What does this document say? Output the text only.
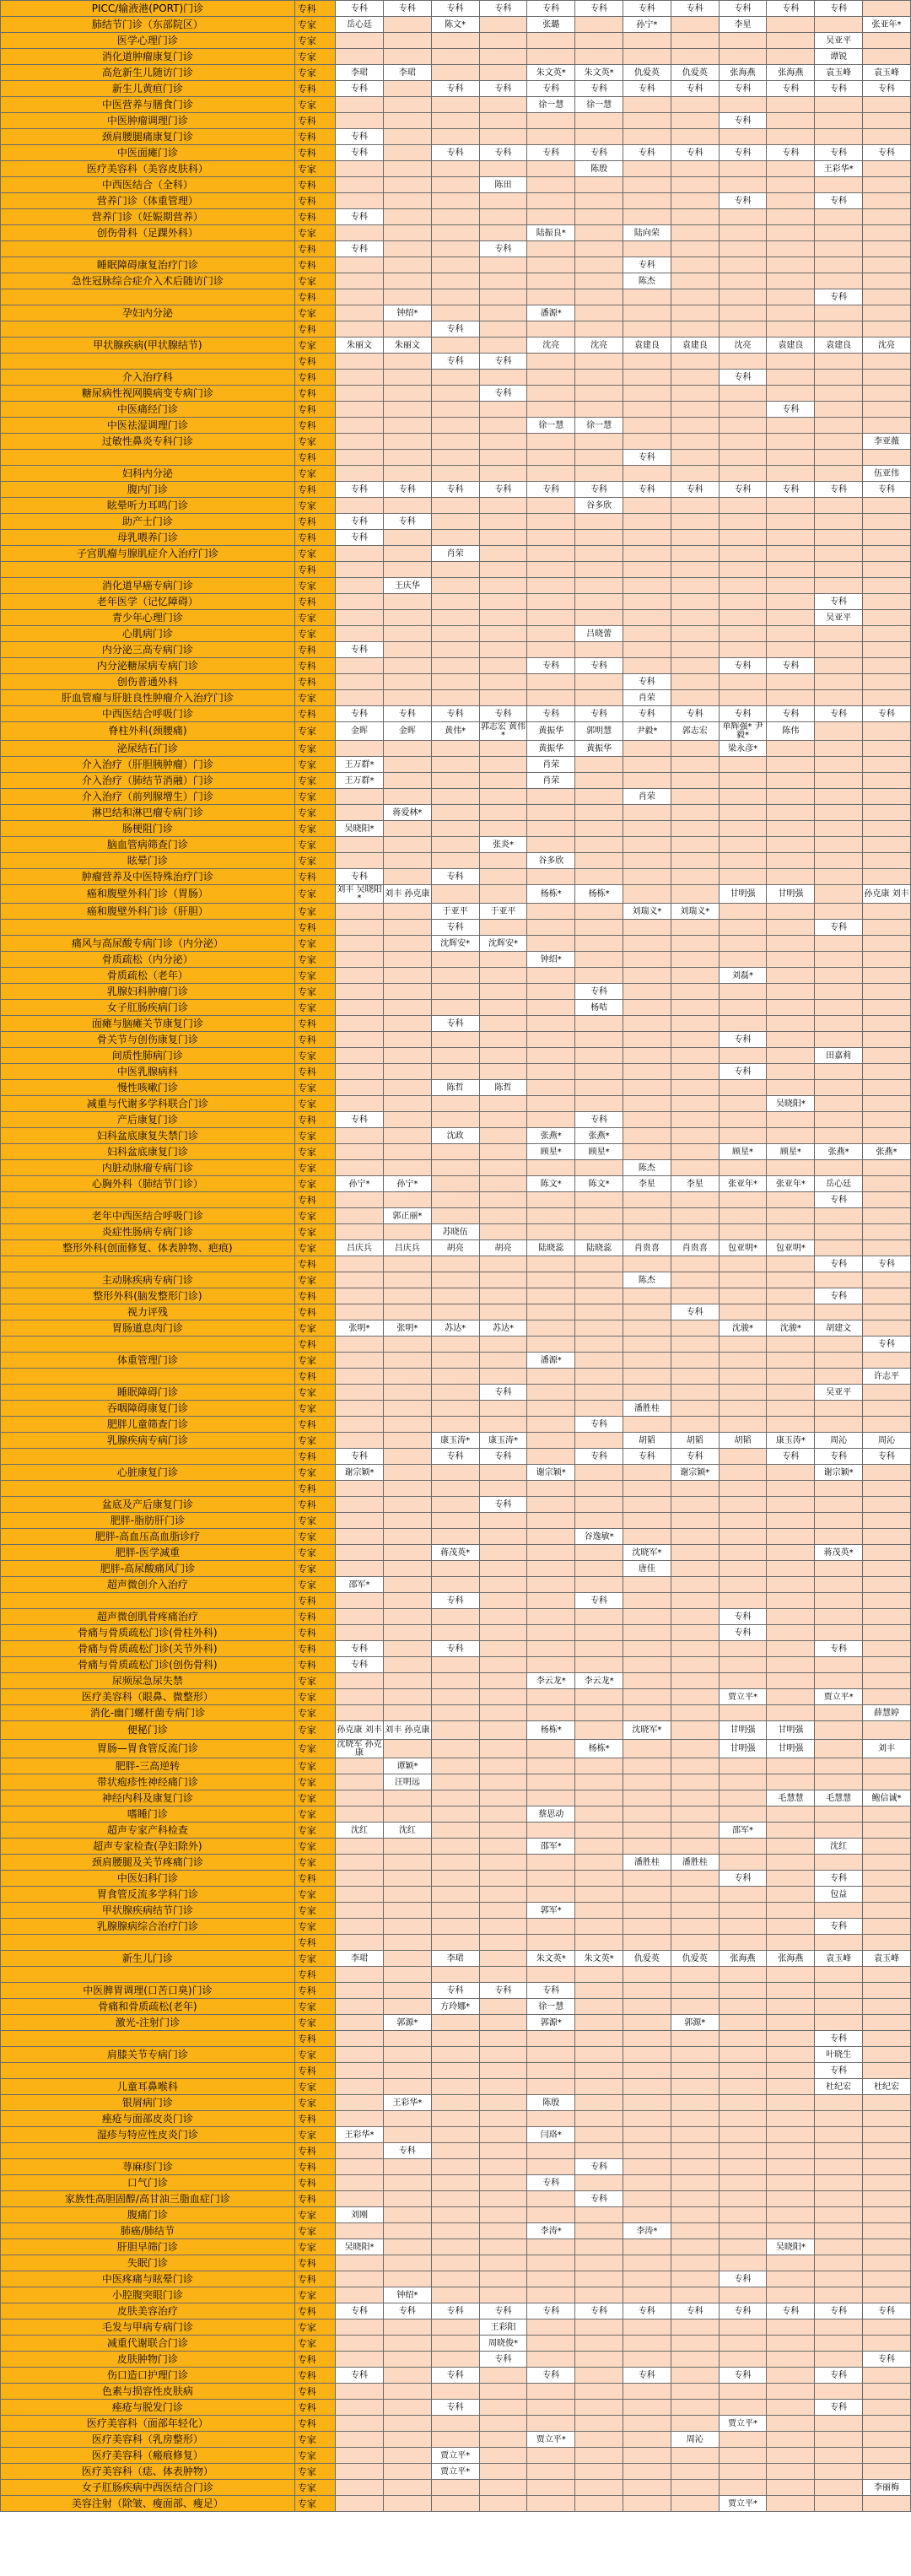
PICC/输液港(PORT)门诊	专科	专科	专科	专科	专科	专科	专科	专科	专科	专科	专科	专科	
肺结节门诊（东部院区）	专家	岳心廷		陈文*		张璐		孙宁*		李星			张亚年*
医学心理门诊	专家											吴亚平	
消化道肿瘤康复门诊	专家											谭锐	
高危新生儿随访门诊	专家	李珺	李珺			朱文英*	朱文英*	仇爱英	仇爱英	张海燕	张海燕	袁玉峰	袁玉峰
新生儿黄疸门诊	专科	专科		专科	专科	专科	专科	专科	专科	专科	专科	专科	专科
中医营养与膳食门诊	专家					徐一慧	徐一慧						
中医肿瘤调理门诊	专科									专科			
颈肩腰腿痛康复门诊	专科	专科											
中医面瘫门诊	专科	专科		专科	专科	专科	专科	专科	专科	专科	专科	专科	专科
医疗美容科（美容皮肤科）	专家						陈殷					王彩华*	
中西医结合（全科）	专科				陈田								
营养门诊（体重管理）	专科									专科		专科	
营养门诊（妊娠期营养）	专科	专科											
创伤骨科（足踝外科）	专家					陆振良*		陆向荣					
	专科	专科			专科								
睡眠障碍康复治疗门诊	专科							专科					
急性冠脉综合症介入术后随访门诊	专家							陈杰					
	专科											专科	
孕妇内分泌	专家		钟绍*			潘源*							
	专科			专科									
甲状腺疾病(甲状腺结节)	专家	朱丽文	朱丽文			沈亮	沈亮	袁建良	袁建良	沈亮	袁建良	袁建良	沈亮
	专科			专科	专科								
介入治疗科	专科									专科			
糖尿病性视网膜病变专病门诊	专科				专科								
中医痛经门诊	专科										专科		
中医祛湿调理门诊	专科					徐一慧	徐一慧						
过敏性鼻炎专科门诊	专家												李亚薇
	专科							专科					
妇科内分泌	专家												伍亚伟
腹内门诊	专科	专科	专科	专科	专科	专科	专科	专科	专科	专科	专科	专科	专科
眩晕听力耳鸣门诊	专家						谷多欣						
助产士门诊	专科	专科	专科										
母乳喂养门诊	专科	专科											
子宫肌瘤与腺肌症介入治疗门诊	专家			肖荣									
	专科												
消化道早癌专病门诊	专家		王庆华										
老年医学（记忆障碍）	专科											专科	
青少年心理门诊	专家											吴亚平	
心肌病门诊	专家						吕晓蕾						
内分泌三高专病门诊	专科	专科											
内分泌糖尿病专病门诊	专科					专科	专科			专科	专科		
创伤普通外科	专科							专科					
肝血管瘤与肝脏良性肿瘤介入治疗门诊	专家							肖荣					
中西医结合呼吸门诊	专科	专科	专科	专科	专科	专科	专科	专科	专科	专科	专科	专科	专科
脊柱外科(颈腰痛)	专家	金晖	金晖	黄伟*	郭志宏 黄伟*	黄振华	郭明慧	尹毅*	郭志宏	单辉强* 尹毅*	陈伟		
泌尿结石门诊	专家					黄振华	黄振华			梁永彦*			
介入治疗（肝胆胰肿瘤）门诊	专家	王万群*				肖荣							
介入治疗（肺结节消融）门诊	专家	王万群*				肖荣							
介入治疗（前列腺增生）门诊	专家							肖荣					
淋巴结和淋巴瘤专病门诊	专家		蒋爱林*										
肠梗阻门诊	专家	吴晓阳*											
脑血管病筛查门诊	专家				张炎*								
眩晕门诊	专家					谷多欣							
肿瘤营养及中医特殊治疗门诊	专科	专科		专科									
癌和腹壁外科门诊（胃肠）	专家	刘丰 吴晓阳*	刘丰 孙克康			杨栋*	杨栋*			甘明强	甘明强		孙克康 刘丰
癌和腹壁外科门诊（肝胆）	专家			于亚平	于亚平			刘瑞义*	刘瑞义*				
	专科			专科								专科	
痛风与高尿酸专病门诊（内分泌）	专家			沈辉安*	沈辉安*								
骨质疏松（内分泌）	专家					钟绍*							
骨质疏松（老年）	专家									刘磊*			
乳腺妇科肿瘤门诊	专家						专科						
女子肛肠疾病门诊	专家						杨咭						
面瘫与脑瘫关节康复门诊	专科			专科									
骨关节与创伤康复门诊	专科									专科			
间质性肺病门诊	专家											田嘉莉	
中医乳腺病科	专科									专科			
慢性咳嗽门诊	专家			陈哲	陈哲								
减重与代谢多学科联合门诊	专家										吴晓阳*		
产后康复门诊	专科	专科					专科						
妇科盆底康复失禁门诊	专家			沈政		张燕*	张燕*						
妇科盆底康复门诊	专家					顾星*	顾星*			顾星*	顾星*	张燕*	张燕*
内脏动脉瘤专病门诊	专家							陈杰					
心胸外科（肺结节门诊）	专家	孙宁*	孙宁*			陈文*	陈文*	李星	李星	张亚年*	张亚年*	岳心廷	
	专科											专科	
老年中西医结合呼吸门诊	专家		郭正丽*										
炎症性肠病专病门诊	专家			苏晓伍									
整形外科(创面修复、体表肿物、疤痕)	专家	吕庆兵	吕庆兵	胡亮	胡亮	陆晓蕊	陆晓蕊	肖贵喜	肖贵喜	包亚明*	包亚明*		
	专科											专科	专科
主动脉疾病专病门诊	专家							陈杰					
整形外科(脑发整形门诊)	专科											专科	
视力评残	专科								专科				
胃肠道息肉门诊	专家	张明*	张明*	苏达*	苏达*					沈骏*	沈骏*	胡建文	
	专科												专科
体重管理门诊	专家					潘源*							
	专科												许志平
睡眠障碍门诊	专家				专科							吴亚平	
吞咽障碍康复门诊	专家							潘胜桂					
肥胖儿童筛查门诊	专科						专科						
乳腺疾病专病门诊	专家			康玉涛*	康玉涛*			胡韬	胡韬	胡韬	康玉涛*	周沁	周沁
	专科	专科		专科	专科		专科	专科	专科		专科	专科	专科
心脏康复门诊	专家	谢宗颖*				谢宗颖*			谢宗颖*			谢宗颖*	
	专科												
盆底及产后康复门诊	专科				专科								
肥胖-脂肪肝门诊	专家												
肥胖-高血压高血脂诊疗	专家						谷逸敏*						
肥胖-医学减重	专家			蒋茂英*				沈晓军*				蒋茂英*	
肥胖-高尿酸痛风门诊	专家							唐佳					
超声微创介入治疗	专家	邵军*											
	专科			专科			专科						
超声微创肌骨疼痛治疗	专科									专科			
骨痛与骨质疏松门诊(骨柱外科)	专科									专科			
骨痛与骨质疏松门诊(关节外科)	专科	专科		专科								专科	
骨痛与骨质疏松门诊(创伤骨科)	专科	专科											
尿频尿急尿失禁	专家					李云龙*	李云龙*						
医疗美容科（眼鼻、微整形）	专家									贾立平*		贾立平*	
消化-幽门螺杆菌专病门诊	专家												薛慧婷
便秘门诊	专家	孙克康 刘丰	刘丰 孙克康			杨栋*		沈晓军*		甘明强	甘明强		
胃肠—胃食管反流门诊	专家	沈晓军 孙克康					杨栋*			甘明强	甘明强		刘丰
肥胖-三高逆转	专家		谭颖*										
带状疱疹性神经痛门诊	专家		汪明远										
神经内科及康复门诊	专家										毛慧慧	毛慧慧	鲍信诚*
嗜睡门诊	专家					蔡思动							
超声专家产科检查	专家	沈红	沈红							邵军*			
超声专家检查(孕妇除外)	专家					邵军*						沈红	
颈肩腰腿及关节疼痛门诊	专家							潘胜桂	潘胜桂				
中医妇科门诊	专科									专科		专科	
胃食管反流多学科门诊	专家											包益	
甲状腺疾病结节门诊	专家					郭军*							
乳腺腺病综合治疗门诊	专家											专科	
	专科												
新生儿门诊	专家	李珺		李珺		朱文英*	朱文英*	仇爱英	仇爱英	张海燕	张海燕	袁玉峰	袁玉峰
	专科												
中医脾胃调理(口苦口臭)门诊	专科			专科	专科	专科							
骨痛和骨质疏松(老年)	专家			方玲娜*		徐一慧							
激光-注射门诊	专家		郭源*			郭源*			郭源*				
	专科											专科	
肩膝关节专病门诊	专家											叶晓生	
	专科											专科	
儿童耳鼻喉科	专家											杜纪宏	杜纪宏
银屑病门诊	专家		王彩华*			陈殷							
痤疮与面部皮炎门诊	专科												
湿疹与特应性皮炎门诊	专家	王彩华*				闫珞*							
	专科		专科										
荨麻疹门诊	专科						专科						
口气门诊	专科					专科							
家族性高胆固醇/高甘油三脂血症门诊	专科						专科						
腹痛门诊	专家	刘刚											
肺癌/肺结节	专家					李涛*		李涛*					
肝胆早筛门诊	专家	吴晓阳*									吴晓阳*		
失眠门诊	专科												
中医疼痛与眩晕门诊	专科									专科			
小腔腹突眼门诊	专家		钟绍*										
皮肤美容治疗	专科	专科	专科	专科	专科	专科	专科	专科	专科	专科	专科	专科	专科
毛发与甲病专病门诊	专家				王彩阳								
减重代谢联合门诊	专家				周晓俊*								
皮肤肿物门诊	专科				专科								专科
伤口造口护理门诊	专科	专科		专科		专科		专科		专科		专科	
色素与损容性皮肤病	专科												
痤疮与脱发门诊	专科			专科								专科	
医疗美容科（面部年轻化）	专科									贾立平*			
医疗美容科（乳房整形）	专家					贾立平*			周沁				
医疗美容科（瘢痕修复）	专家			贾立平*									
医疗美容科（痣、体表肿物）	专家			贾立平*									
女子肛肠疾病中西医结合门诊	专家												李丽梅
美容注射（除皱、瘦面部、瘦足）	专家									贾立平*			
